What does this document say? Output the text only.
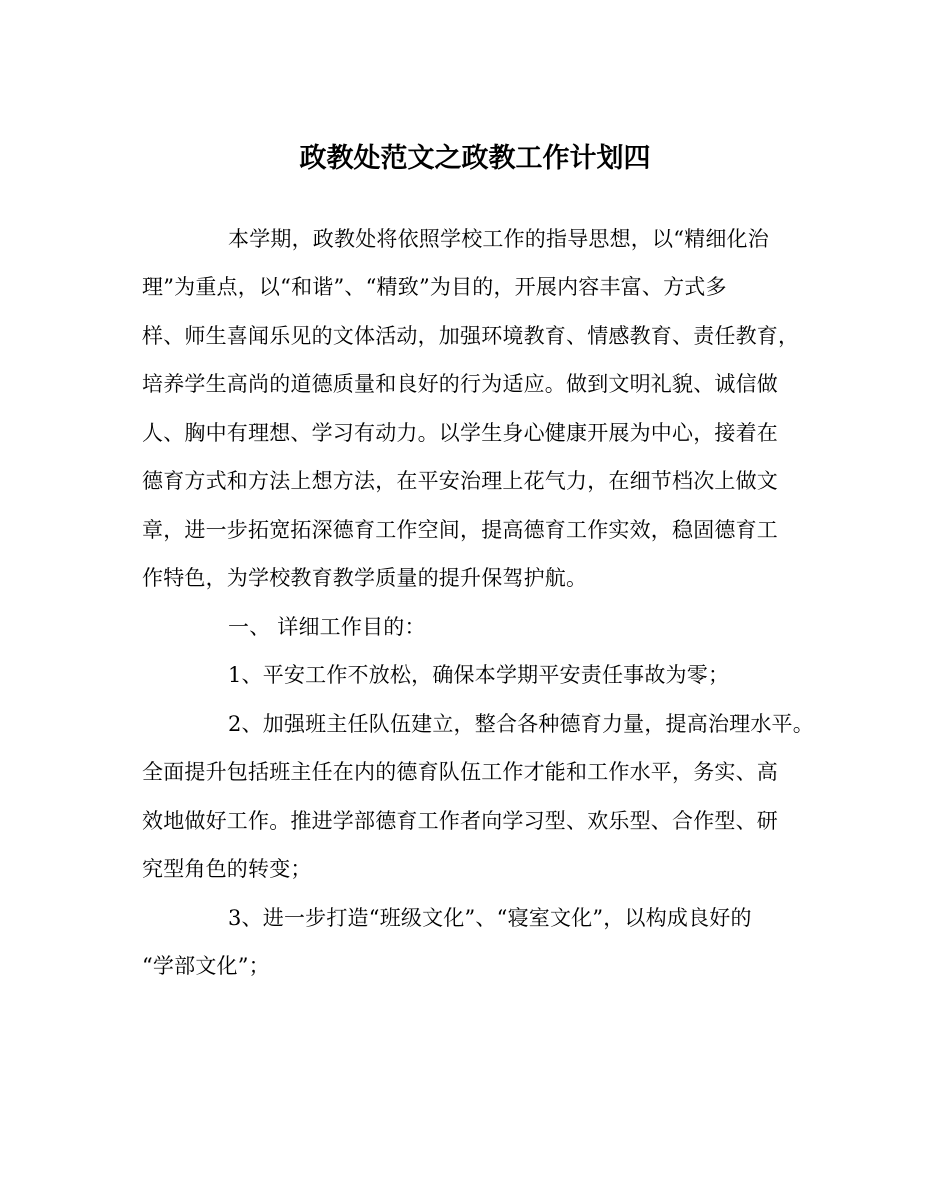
政教处范文之政教工作计划四
本学期，政教处将依照学校工作的指导思想，以“精细化治
理”为重点，以“和谐”、“精致”为目的，开展内容丰富、方式多
样、师生喜闻乐见的文体活动，加强环境教育、情感教育、责任教育，
培养学生高尚的道德质量和良好的行为适应。做到文明礼貌、诚信做
人、胸中有理想、学习有动力。以学生身心健康开展为中心，接着在
德育方式和方法上想方法，在平安治理上花气力，在细节档次上做文
章，进一步拓宽拓深德育工作空间，提高德育工作实效，稳固德育工
作特色，为学校教育教学质量的提升保驾护航。
一、 详细工作目的：
1、平安工作不放松，确保本学期平安责任事故为零；
2、加强班主任队伍建立，整合各种德育力量，提高治理水平。
全面提升包括班主任在内的德育队伍工作才能和工作水平，务实、高
效地做好工作。推进学部德育工作者向学习型、欢乐型、合作型、研
究型角色的转变；
3、进一步打造“班级文化”、“寝室文化”，以构成良好的
“学部文化”；
